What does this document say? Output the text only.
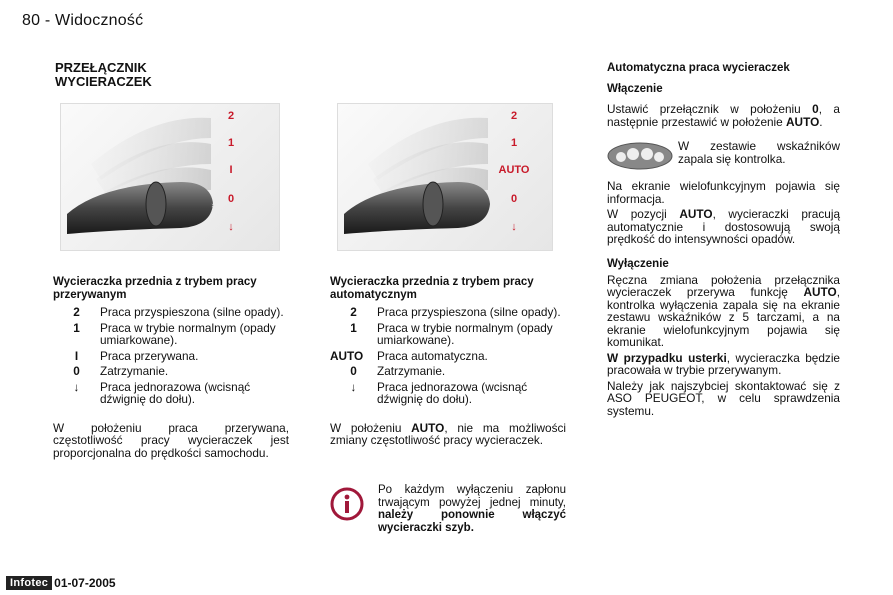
80 - Widoczność
PRZEŁĄCZNIK
WYCIERACZEK
›
2
1
I
0
↓
2
1
AUTO
0
↓
Wycieraczka przednia z trybem pracy przerywanym
2	Praca przyspieszona (silne opady).
1	Praca w trybie normalnym (opady umiarkowane).
I	Praca przerywana.
0	Zatrzymanie.
↓	Praca jednorazowa (wcisnąć dźwignię do dołu).
W położeniu praca przerywana, częstotliwość pracy wycieraczek jest proporcjonalna do prędkości samochodu.
Wycieraczka przednia z trybem pracy automatycznym
2	Praca przyspieszona (silne opady).
1	Praca w trybie normalnym (opady umiarkowane).
AUTO	Praca automatyczna.
0	Zatrzymanie.
↓	Praca jednorazowa (wcisnąć dźwignię do dołu).
W położeniu AUTO, nie ma możliwości zmiany częstotliwość pracy wycieraczek.
Po każdym wyłączeniu zapłonu trwającym powyżej jednej minuty, należy ponownie włączyć wycieraczki szyb.
Automatyczna praca wycieraczek
Włączenie
Ustawić przełącznik w położeniu 0, a następnie przestawić w położenie AUTO.
W zestawie wskaźników zapala się kontrolka.
Na ekranie wielofunkcyjnym pojawia się informacja.
W pozycji AUTO, wycieraczki pracują automatycznie i dostosowują swoją prędkość do intensywności opadów.
Wyłączenie
Ręczna zmiana położenia przełącznika wycieraczek przerywa funkcję AUTO, kontrolka wyłączenia zapala się na ekranie zestawu wskaźników z 5 tarczami, a na ekranie wielofunkcyjnym pojawia się komunikat.
W przypadku usterki, wycieraczka będzie pracowała w trybie przerywanym.
Należy jak najszybciej skontaktować się z ASO PEUGEOT, w celu sprawdzenia systemu.
Infotec 01-07-2005
